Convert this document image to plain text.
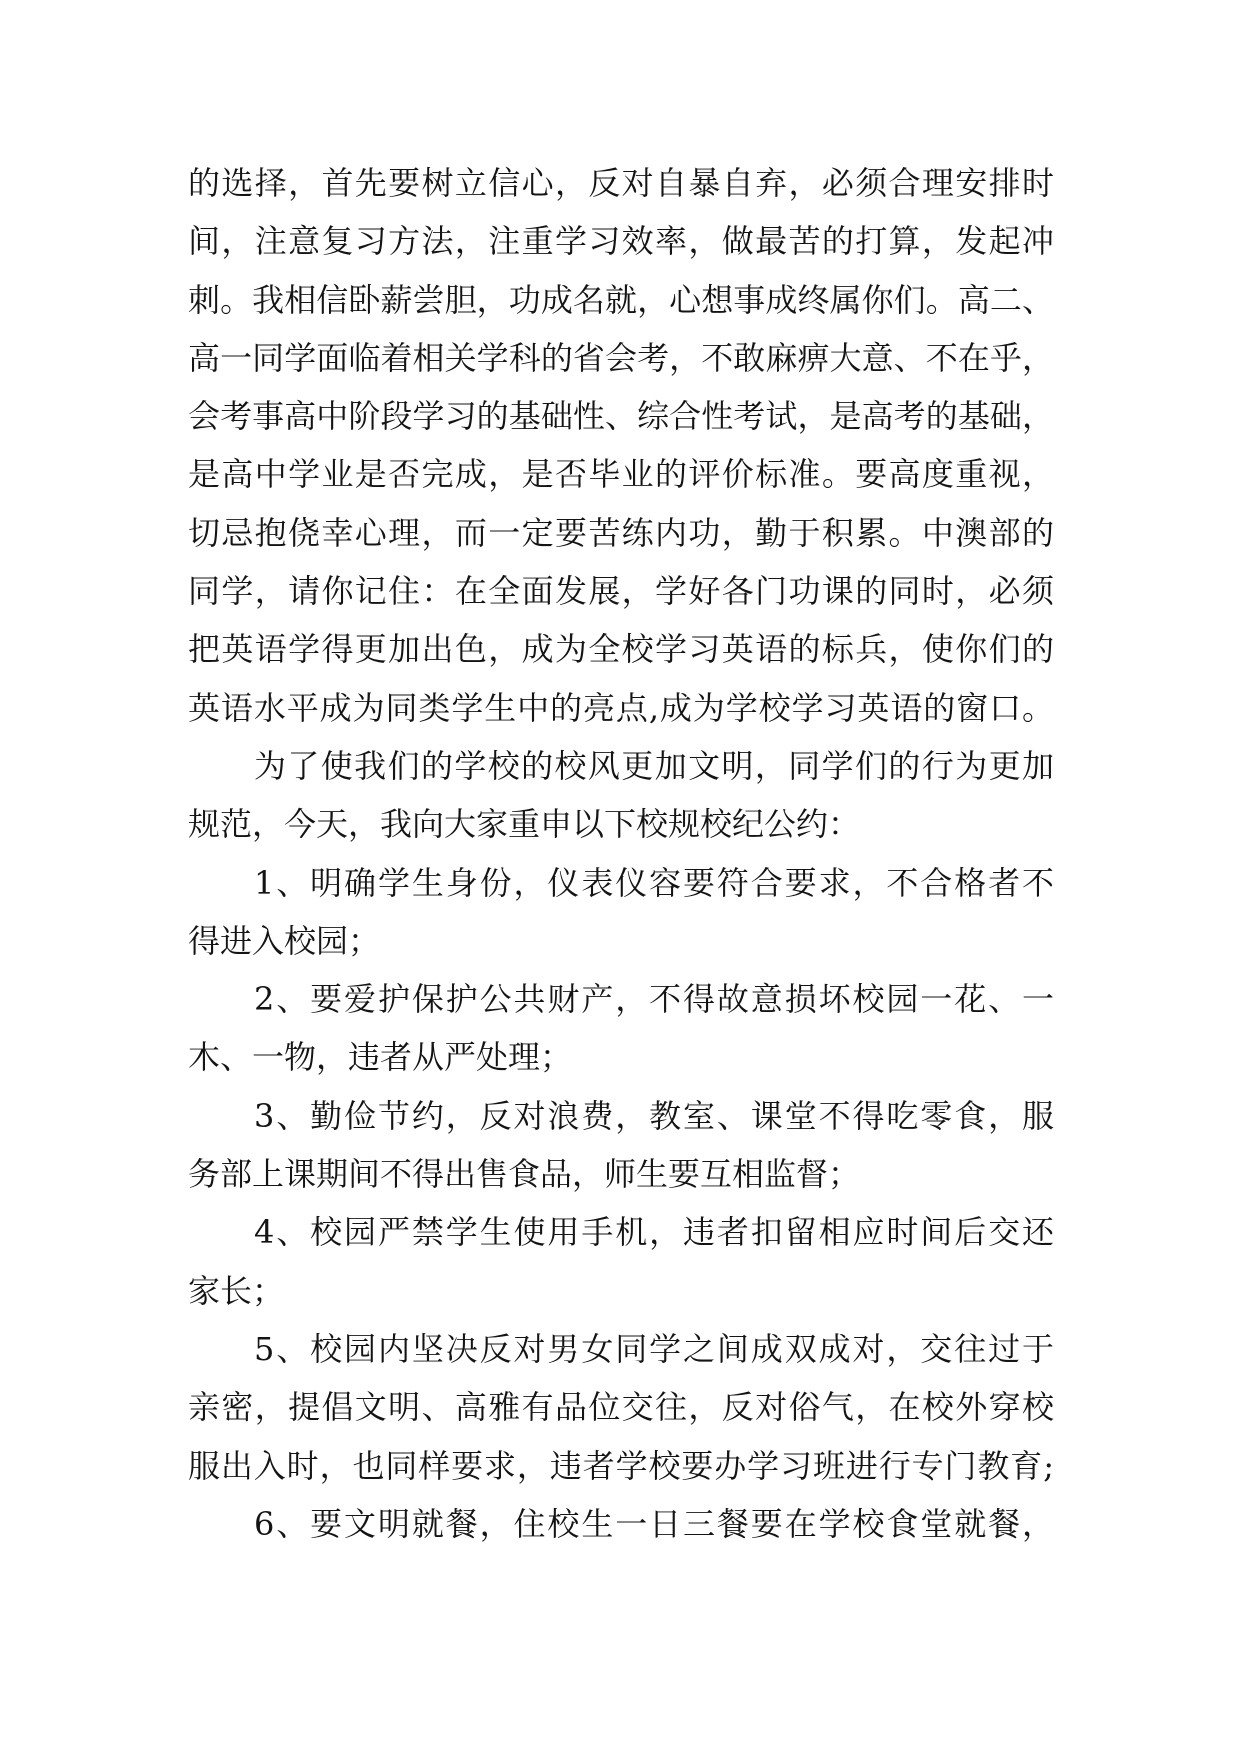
的选择，首先要树立信心，反对自暴自弃，必须合理安排时
间，注意复习方法，注重学习效率，做最苦的打算，发起冲
刺。我相信卧薪尝胆，功成名就，心想事成终属你们。高二、
高一同学面临着相关学科的省会考，不敢麻痹大意、不在乎，
会考事高中阶段学习的基础性、综合性考试，是高考的基础，
是高中学业是否完成，是否毕业的评价标准。要高度重视，
切忌抱侥幸心理，而一定要苦练内功，勤于积累。中澳部的
同学，请你记住：在全面发展，学好各门功课的同时，必须
把英语学得更加出色，成为全校学习英语的标兵，使你们的
英语水平成为同类学生中的亮点,成为学校学习英语的窗口。
为了使我们的学校的校风更加文明，同学们的行为更加
规范，今天，我向大家重申以下校规校纪公约：
1、明确学生身份，仪表仪容要符合要求，不合格者不
得进入校园；
2、要爱护保护公共财产，不得故意损坏校园一花、一
木、一物，违者从严处理；
3、勤俭节约，反对浪费，教室、课堂不得吃零食，服
务部上课期间不得出售食品，师生要互相监督；
4、校园严禁学生使用手机，违者扣留相应时间后交还
家长；
5、校园内坚决反对男女同学之间成双成对，交往过于
亲密，提倡文明、高雅有品位交往，反对俗气，在校外穿校
服出入时，也同样要求，违者学校要办学习班进行专门教育;
6、要文明就餐，住校生一日三餐要在学校食堂就餐，
